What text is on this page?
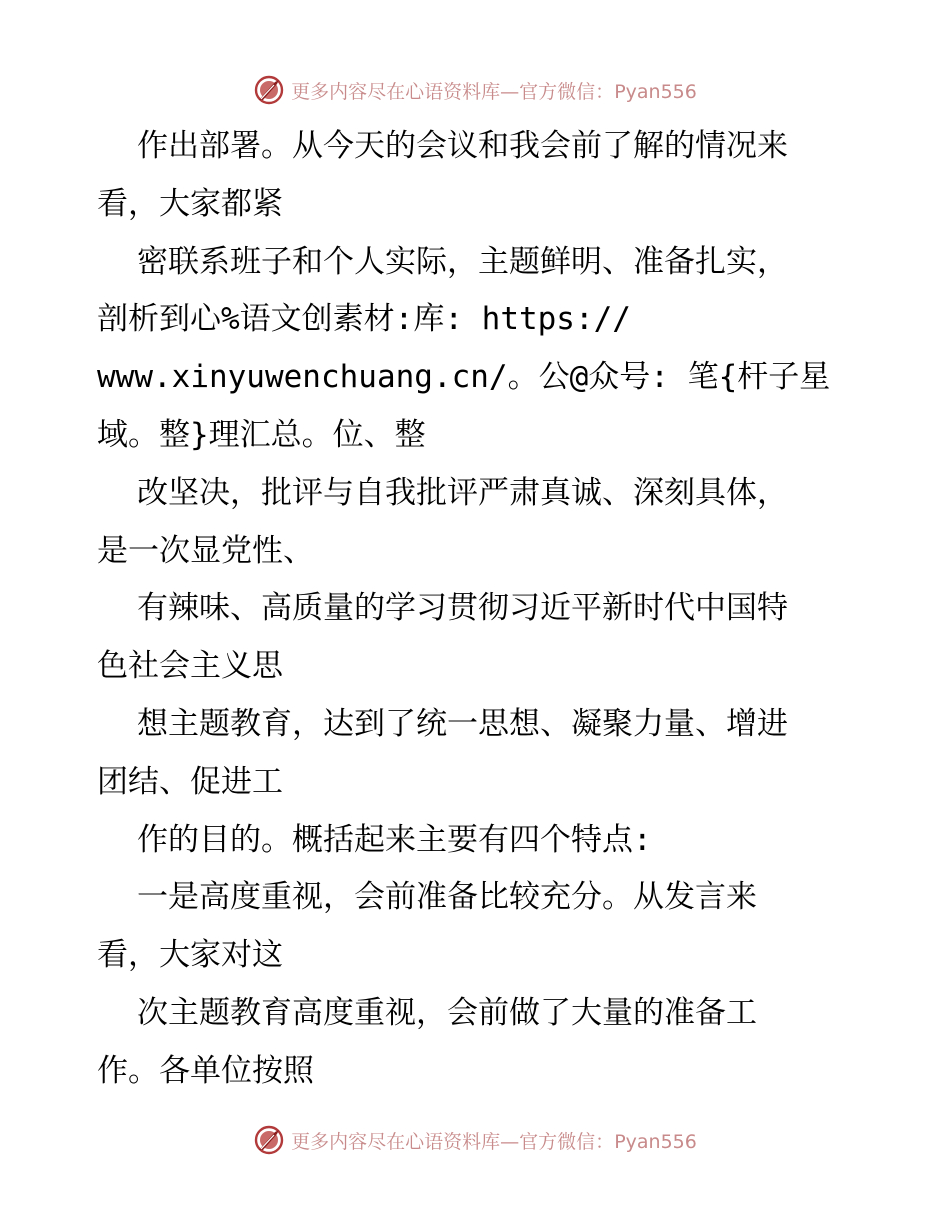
更多内容尽在心语资料库—官方微信：Pyan556
作出部署。从今天的会议和我会前了解的情况来
看，大家都紧
密联系班子和个人实际，主题鲜明、准备扎实，
剖析到心%语文创素材:库: https://
www.xinyuwenchuang.cn/。公@众号: 笔{杆子星
域。整}理汇总。位、整
改坚决，批评与自我批评严肃真诚、深刻具体，
是一次显党性、
有辣味、高质量的学习贯彻习近平新时代中国特
色社会主义思
想主题教育，达到了统一思想、凝聚力量、增进
团结、促进工
作的目的。概括起来主要有四个特点:
一是高度重视，会前准备比较充分。从发言来
看，大家对这
次主题教育高度重视，会前做了大量的准备工
作。各单位按照
更多内容尽在心语资料库—官方微信：Pyan556
